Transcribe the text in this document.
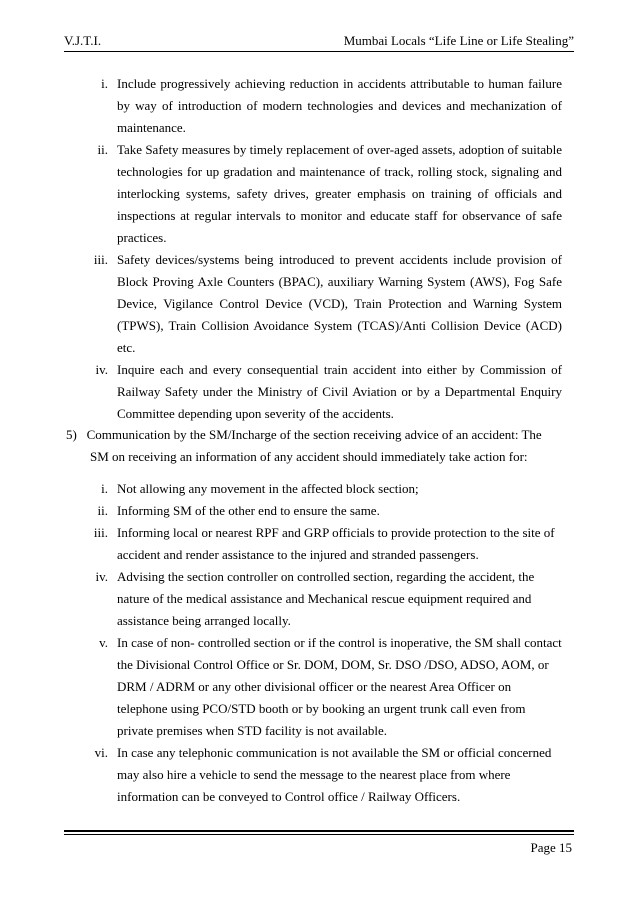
V.J.T.I.	Mumbai Locals “Life Line or Life Stealing”
i. Include progressively achieving reduction in accidents attributable to human failure
by way of introduction of modern technologies and devices and mechanization of
maintenance.
ii. Take Safety measures by timely replacement of over-aged assets, adoption of suitable
technologies for up gradation and maintenance of track, rolling stock, signaling and
interlocking systems, safety drives, greater emphasis on training of officials and
inspections at regular intervals to monitor and educate staff for observance of safe
practices.
iii. Safety devices/systems being introduced to prevent accidents include provision of
Block Proving Axle Counters (BPAC), auxiliary Warning System (AWS), Fog Safe
Device, Vigilance Control Device (VCD), Train Protection and Warning System
(TPWS), Train Collision Avoidance System (TCAS)/Anti Collision Device (ACD)
etc.
iv. Inquire each and every consequential train accident into either by Commission of
Railway Safety under the Ministry of Civil Aviation or by a Departmental Enquiry
Committee depending upon severity of the accidents.
5)   Communication by the SM/Incharge of the section receiving advice of an accident: The
SM on receiving an information of any accident should immediately take action for:
i. Not allowing any movement in the affected block section;
ii. Informing SM of the other end to ensure the same.
iii. Informing local or nearest RPF and GRP officials to provide protection to the site of
accident and render assistance to the injured and stranded passengers.
iv. Advising the section controller on controlled section, regarding the accident, the
nature of the medical assistance and Mechanical rescue equipment required and
assistance being arranged locally.
v. In case of non- controlled section or if the control is inoperative, the SM shall contact
the Divisional Control Office or Sr. DOM, DOM, Sr. DSO /DSO, ADSO, AOM, or
DRM / ADRM or any other divisional officer or the nearest Area Officer on
telephone using PCO/STD booth or by booking an urgent trunk call even from
private premises when STD facility is not available.
vi. In case any telephonic communication is not available the SM or official concerned
may also hire a vehicle to send the message to the nearest place from where
information can be conveyed to Control office / Railway Officers.
Page 15
